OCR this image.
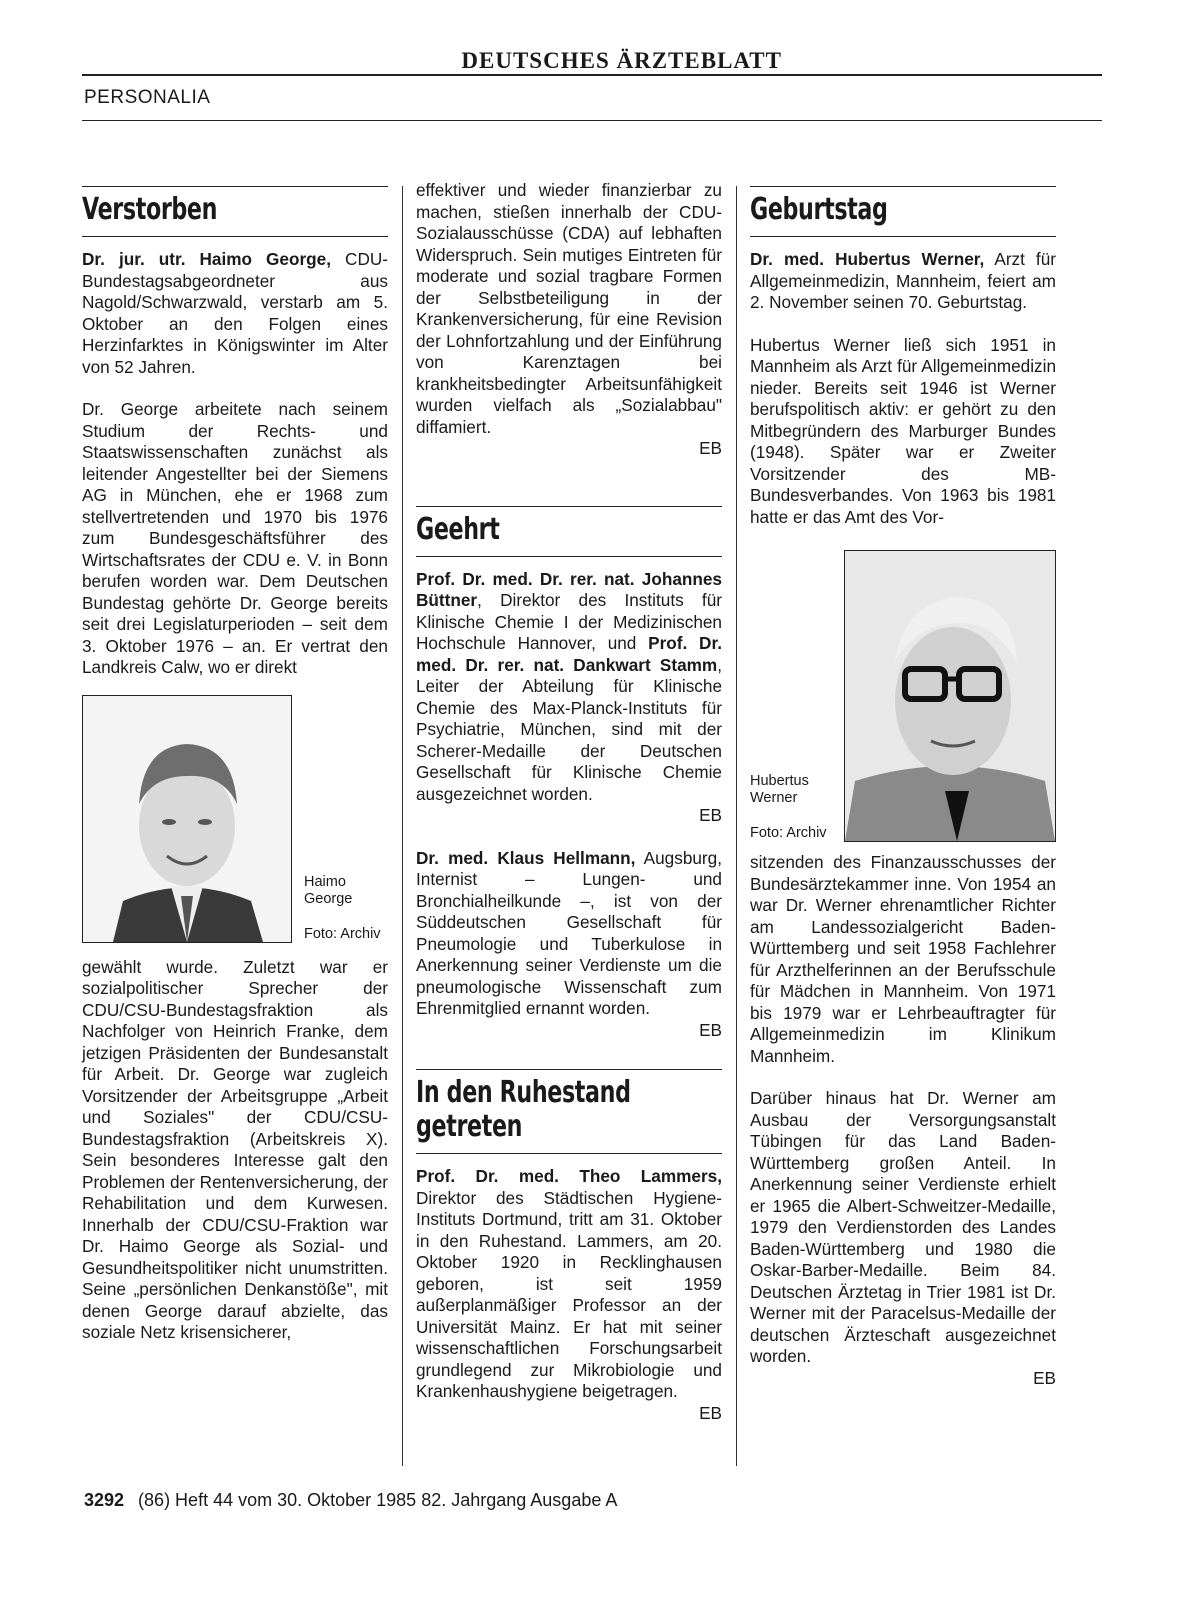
DEUTSCHES ÄRZTEBLATT
PERSONALIA
Verstorben

Dr. jur. utr. Haimo George, CDU-Bundestagsabgeordneter aus Nagold/Schwarzwald, verstarb am 5. Oktober an den Folgen eines Herzinfarktes in Königswinter im Alter von 52 Jahren.

Dr. George arbeitete nach seinem Studium der Rechts- und Staatswissenschaften zunächst als leitender Angestellter bei der Siemens AG in München, ehe er 1968 zum stellvertretenden und 1970 bis 1976 zum Bundesgeschäftsführer des Wirtschaftsrates der CDU e. V. in Bonn berufen worden war. Dem Deutschen Bundestag gehörte Dr. George bereits seit drei Legislaturperioden – seit dem 3. Oktober 1976 – an. Er vertrat den Landkreis Calw, wo er direkt

Haimo George
Foto: Archiv

gewählt wurde. Zuletzt war er sozialpolitischer Sprecher der CDU/CSU-Bundestagsfraktion als Nachfolger von Heinrich Franke, dem jetzigen Präsidenten der Bundesanstalt für Arbeit. Dr. George war zugleich Vorsitzender der Arbeitsgruppe „Arbeit und Soziales" der CDU/CSU-Bundestagsfraktion (Arbeitskreis X). Sein besonderes Interesse galt den Problemen der Rentenversicherung, der Rehabilitation und dem Kurwesen. Innerhalb der CDU/CSU-Fraktion war Dr. Haimo George als Sozial- und Gesundheitspolitiker nicht unumstritten. Seine „persönlichen Denkanstöße", mit denen George darauf abzielte, das soziale Netz krisensicherer,

effektiver und wieder finanzierbar zu machen, stießen innerhalb der CDU-Sozialausschüsse (CDA) auf lebhaften Widerspruch. Sein mutiges Eintreten für moderate und sozial tragbare Formen der Selbstbeteiligung in der Krankenversicherung, für eine Revision der Lohnfortzahlung und der Einführung von Karenztagen bei krankheitsbedingter Arbeitsunfähigkeit wurden vielfach als „Sozialabbau" diffamiert.

EB
Geehrt

Prof. Dr. med. Dr. rer. nat. Johannes Büttner, Direktor des Instituts für Klinische Chemie I der Medizinischen Hochschule Hannover, und Prof. Dr. med. Dr. rer. nat. Dankwart Stamm, Leiter der Abteilung für Klinische Chemie des Max-Planck-Instituts für Psychiatrie, München, sind mit der Scherer-Medaille der Deutschen Gesellschaft für Klinische Chemie ausgezeichnet worden.

EB

Dr. med. Klaus Hellmann, Augsburg, Internist – Lungen- und Bronchialheilkunde –, ist von der Süddeutschen Gesellschaft für Pneumologie und Tuberkulose in Anerkennung seiner Verdienste um die pneumologische Wissenschaft zum Ehrenmitglied ernannt worden.

EB
In den Ruhestand
getreten

Prof. Dr. med. Theo Lammers, Direktor des Städtischen Hygiene-Instituts Dortmund, tritt am 31. Oktober in den Ruhestand. Lammers, am 20. Oktober 1920 in Recklinghausen geboren, ist seit 1959 außerplanmäßiger Professor an der Universität Mainz. Er hat mit seiner wissenschaftlichen Forschungsarbeit grundlegend zur Mikrobiologie und Krankenhaushygiene beigetragen.

EB
Geburtstag

Dr. med. Hubertus Werner, Arzt für Allgemeinmedizin, Mannheim, feiert am 2. November seinen 70. Geburtstag.

Hubertus Werner ließ sich 1951 in Mannheim als Arzt für Allgemeinmedizin nieder. Bereits seit 1946 ist Werner berufspolitisch aktiv: er gehört zu den Mitbegründern des Marburger Bundes (1948). Später war er Zweiter Vorsitzender des MB-Bundesverbandes. Von 1963 bis 1981 hatte er das Amt des Vor-

Hubertus Werner
Foto: Archiv

sitzenden des Finanzausschusses der Bundesärztekammer inne. Von 1954 an war Dr. Werner ehrenamtlicher Richter am Landessozialgericht Baden-Württemberg und seit 1958 Fachlehrer für Arzthelferinnen an der Berufsschule für Mädchen in Mannheim. Von 1971 bis 1979 war er Lehrbeauftragter für Allgemeinmedizin im Klinikum Mannheim.

Darüber hinaus hat Dr. Werner am Ausbau der Versorgungsanstalt Tübingen für das Land Baden-Württemberg großen Anteil. In Anerkennung seiner Verdienste erhielt er 1965 die Albert-Schweitzer-Medaille, 1979 den Verdienstorden des Landes Baden-Württemberg und 1980 die Oskar-Barber-Medaille. Beim 84. Deutschen Ärztetag in Trier 1981 ist Dr. Werner mit der Paracelsus-Medaille der deutschen Ärzteschaft ausgezeichnet worden.

EB
3292 (86) Heft 44 vom 30. Oktober 1985 82. Jahrgang Ausgabe A
